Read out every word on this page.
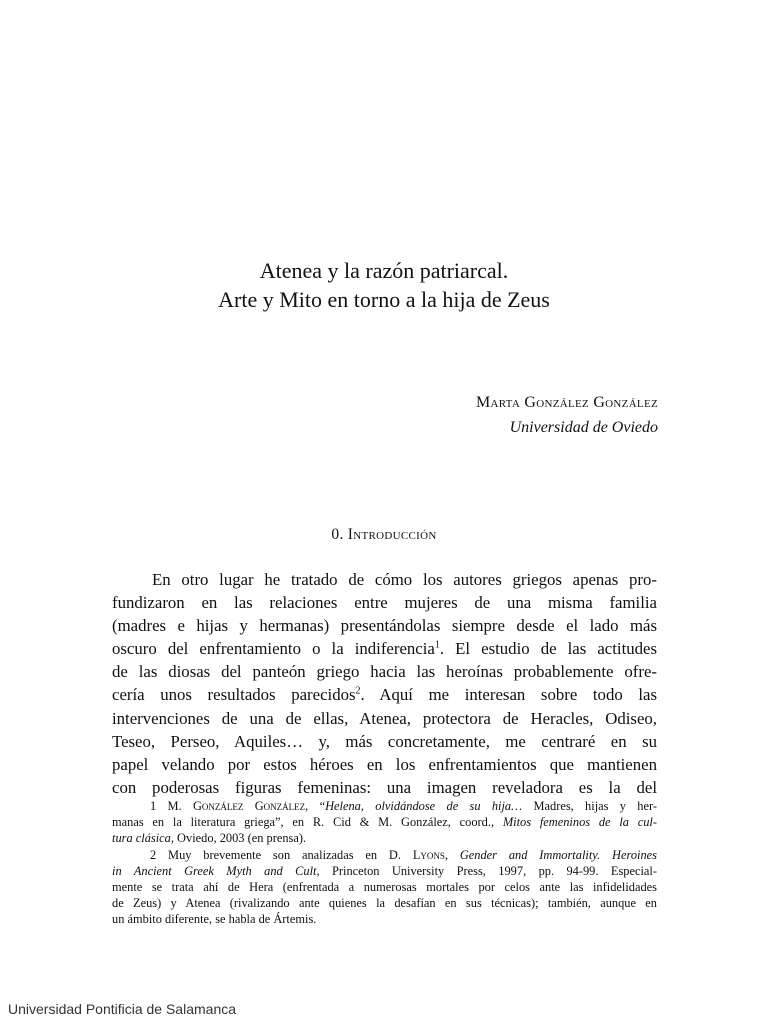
Atenea y la razón patriarcal.
Arte y Mito en torno a la hija de Zeus
Marta González González
Universidad de Oviedo
0. Introducción
En otro lugar he tratado de cómo los autores griegos apenas pro-
fundizaron en las relaciones entre mujeres de una misma familia
(madres e hijas y hermanas) presentándolas siempre desde el lado más
oscuro del enfrentamiento o la indiferencia$^1$. El estudio de las actitudes
de las diosas del panteón griego hacia las heroínas probablemente ofre-
cería unos resultados parecidos$^2$. Aquí me interesan sobre todo las
intervenciones de una de ellas, Atenea, protectora de Heracles, Odiseo,
Teseo, Perseo, Aquiles… y, más concretamente, me centraré en su
papel velando por estos héroes en los enfrentamientos que mantienen
con poderosas figuras femeninas: una imagen reveladora es la del
1 M. González González, “Helena, olvidándose de su hija… Madres, hijas y her-
manas en la literatura griega”, en R. Cid & M. González, coord., Mitos femeninos de la cul-
tura clásica, Oviedo, 2003 (en prensa).
2 Muy brevemente son analizadas en D. Lyons, Gender and Immortality. Heroines
in Ancient Greek Myth and Cult, Princeton University Press, 1997, pp. 94-99. Especial-
mente se trata ahí de Hera (enfrentada a numerosas mortales por celos ante las infidelidades
de Zeus) y Atenea (rivalizando ante quienes la desafían en sus técnicas); también, aunque en
un ámbito diferente, se habla de Ártemis.
Universidad Pontificia de Salamanca
